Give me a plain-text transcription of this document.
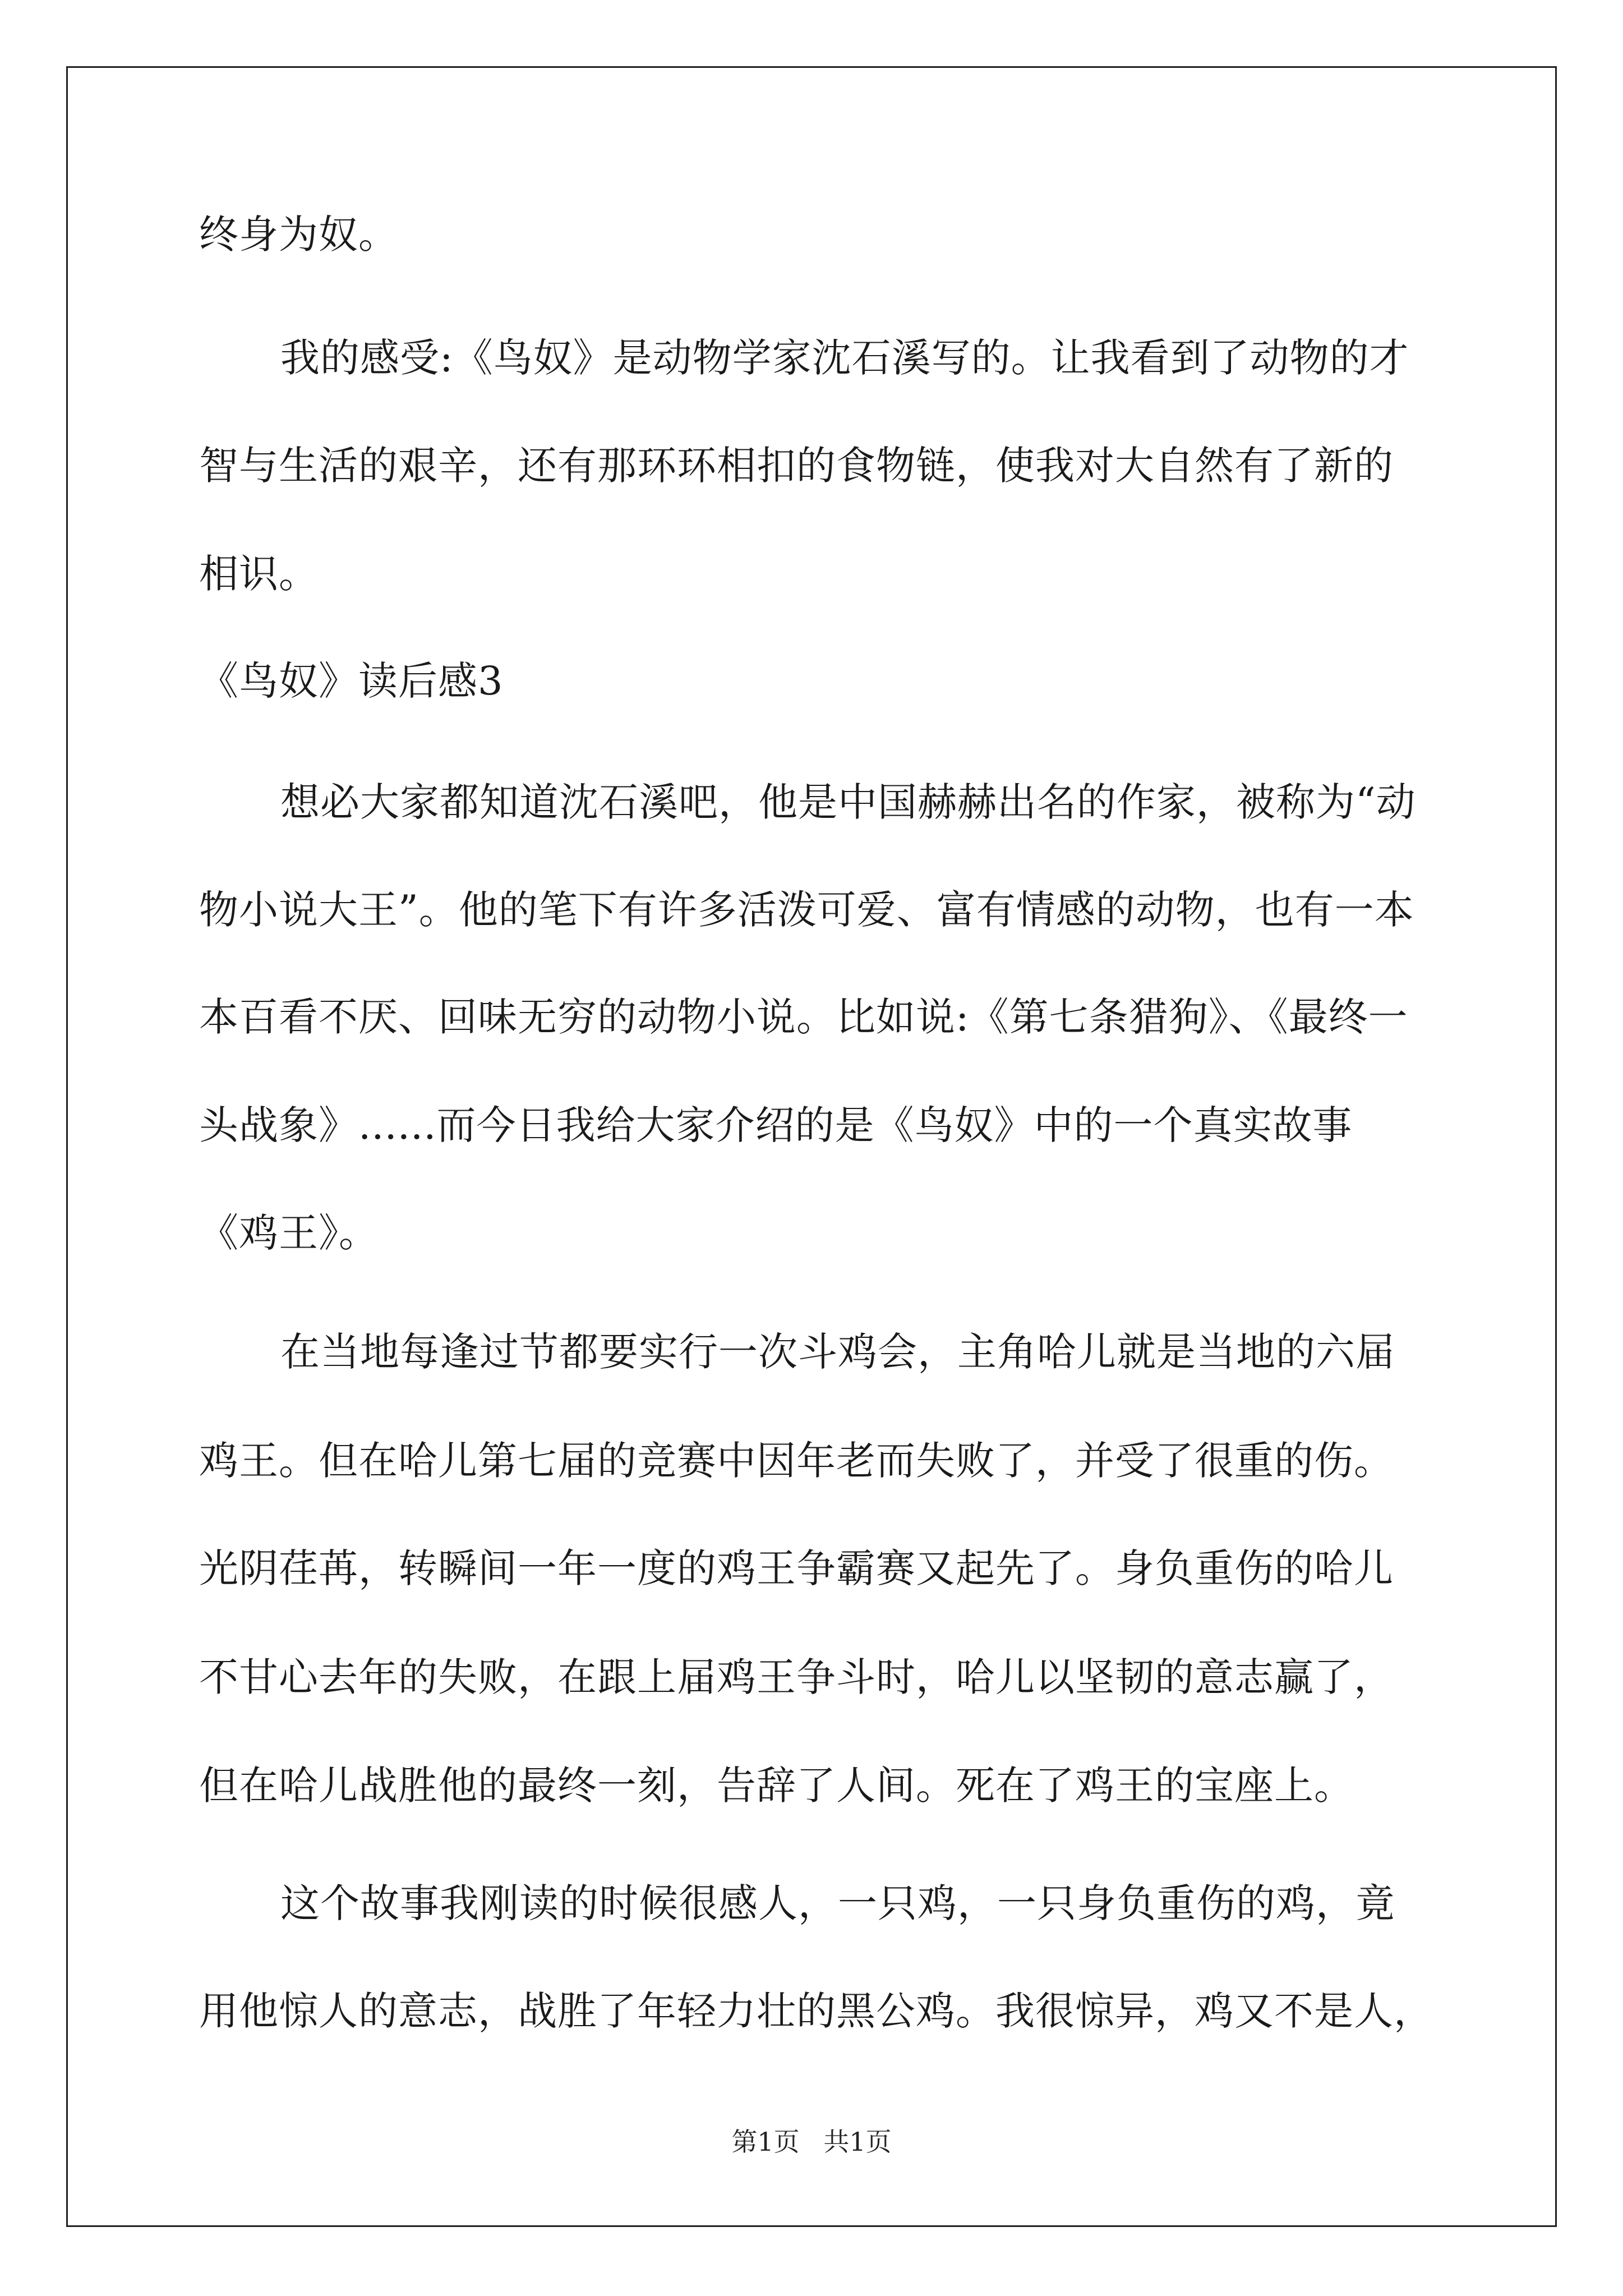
终身为奴。
我的感受:《鸟奴》是动物学家沈石溪写的。让我看到了动物的才
智与生活的艰辛，还有那环环相扣的食物链，使我对大自然有了新的
相识。
《鸟奴》读后感3
想必大家都知道沈石溪吧，他是中国赫赫出名的作家，被称为“动
物小说大王”。他的笔下有许多活泼可爱、富有情感的动物，也有一本
本百看不厌、回味无穷的动物小说。比如说:《第七条猎狗》、《最终一
头战象》......而今日我给大家介绍的是《鸟奴》中的一个真实故事
《鸡王》。
在当地每逢过节都要实行一次斗鸡会，主角哈儿就是当地的六届
鸡王。但在哈儿第七届的竞赛中因年老而失败了，并受了很重的伤。
光阴荏苒，转瞬间一年一度的鸡王争霸赛又起先了。身负重伤的哈儿
不甘心去年的失败，在跟上届鸡王争斗时，哈儿以坚韧的意志赢了，
但在哈儿战胜他的最终一刻，告辞了人间。死在了鸡王的宝座上。
这个故事我刚读的时候很感人，一只鸡，一只身负重伤的鸡，竟
用他惊人的意志，战胜了年轻力壮的黑公鸡。我很惊异，鸡又不是人，
第1页 共1页
